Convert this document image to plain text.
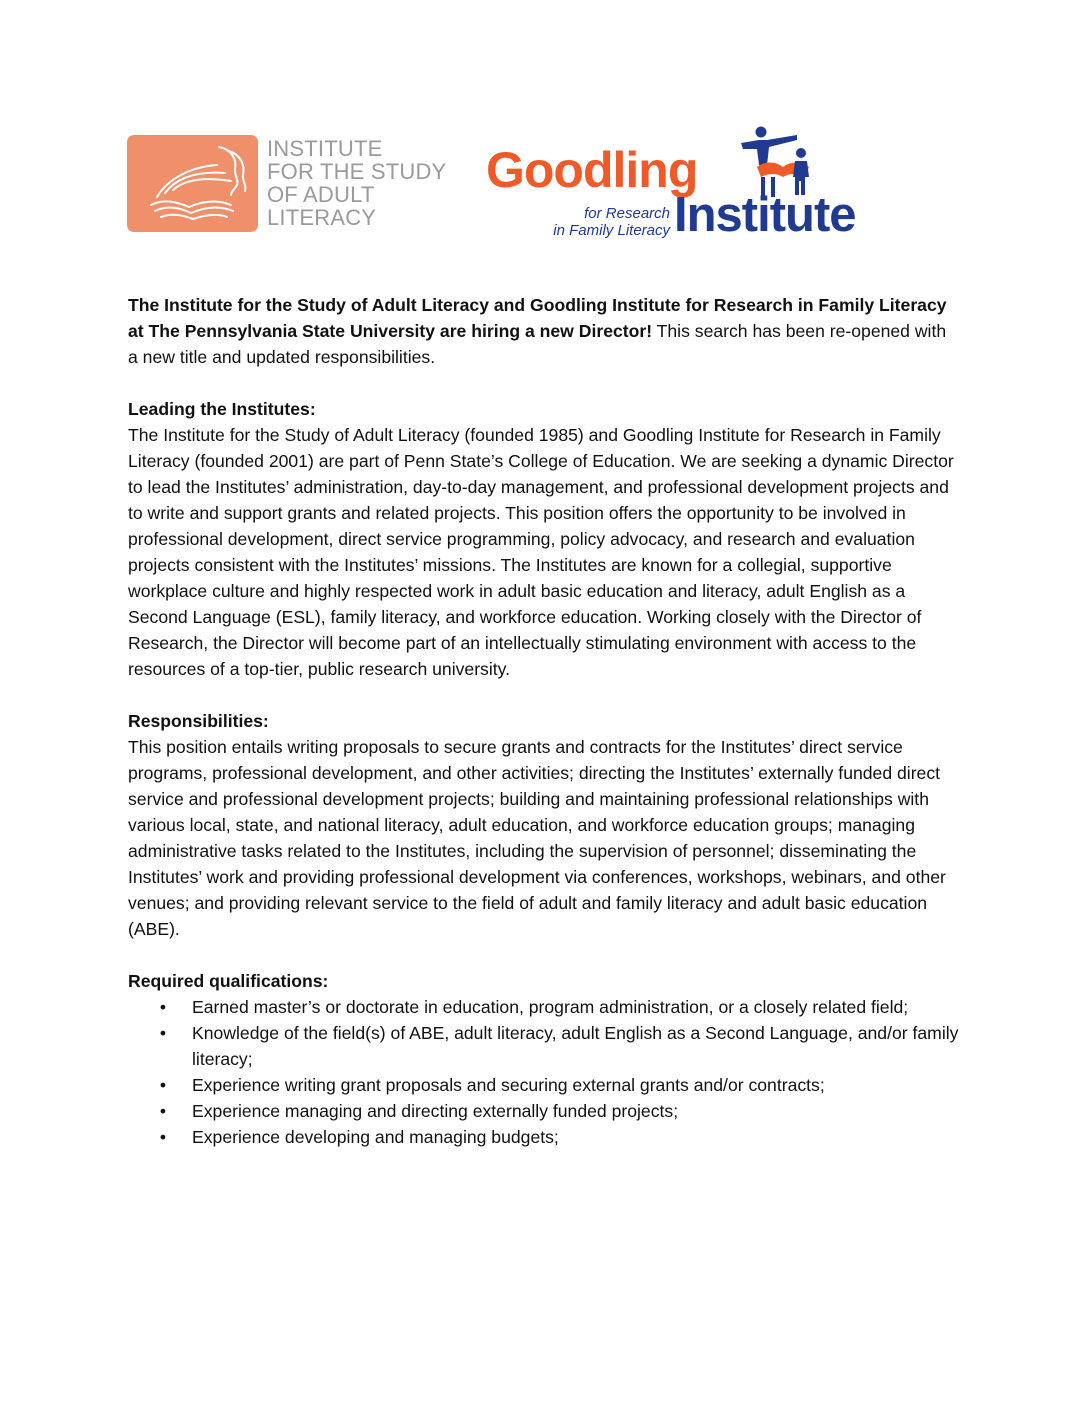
INSTITUTE
FOR THE STUDY
OF ADULT
LITERACY
Goodling
for Research
in Family Literacy Institute

The Institute for the Study of Adult Literacy and Goodling Institute for Research in Family Literacy at The Pennsylvania State University are hiring a new Director! This search has been re-opened with a new title and updated responsibilities.

Leading the Institutes:

The Institute for the Study of Adult Literacy (founded 1985) and Goodling Institute for Research in Family Literacy (founded 2001) are part of Penn State’s College of Education. We are seeking a dynamic Director to lead the Institutes’ administration, day-to-day management, and professional development projects and to write and support grants and related projects. This position offers the opportunity to be involved in professional development, direct service programming, policy advocacy, and research and evaluation projects consistent with the Institutes’ missions. The Institutes are known for a collegial, supportive workplace culture and highly respected work in adult basic education and literacy, adult English as a Second Language (ESL), family literacy, and workforce education. Working closely with the Director of Research, the Director will become part of an intellectually stimulating environment with access to the resources of a top-tier, public research university.

Responsibilities:

This position entails writing proposals to secure grants and contracts for the Institutes’ direct service programs, professional development, and other activities; directing the Institutes’ externally funded direct service and professional development projects; building and maintaining professional relationships with various local, state, and national literacy, adult education, and workforce education groups; managing administrative tasks related to the Institutes, including the supervision of personnel; disseminating the Institutes’ work and providing professional development via conferences, workshops, webinars, and other venues; and providing relevant service to the field of adult and family literacy and adult basic education (ABE).

Required qualifications:

• Earned master’s or doctorate in education, program administration, or a closely related field;
• Knowledge of the field(s) of ABE, adult literacy, adult English as a Second Language, and/or family literacy;
• Experience writing grant proposals and securing external grants and/or contracts;
• Experience managing and directing externally funded projects;
• Experience developing and managing budgets;
